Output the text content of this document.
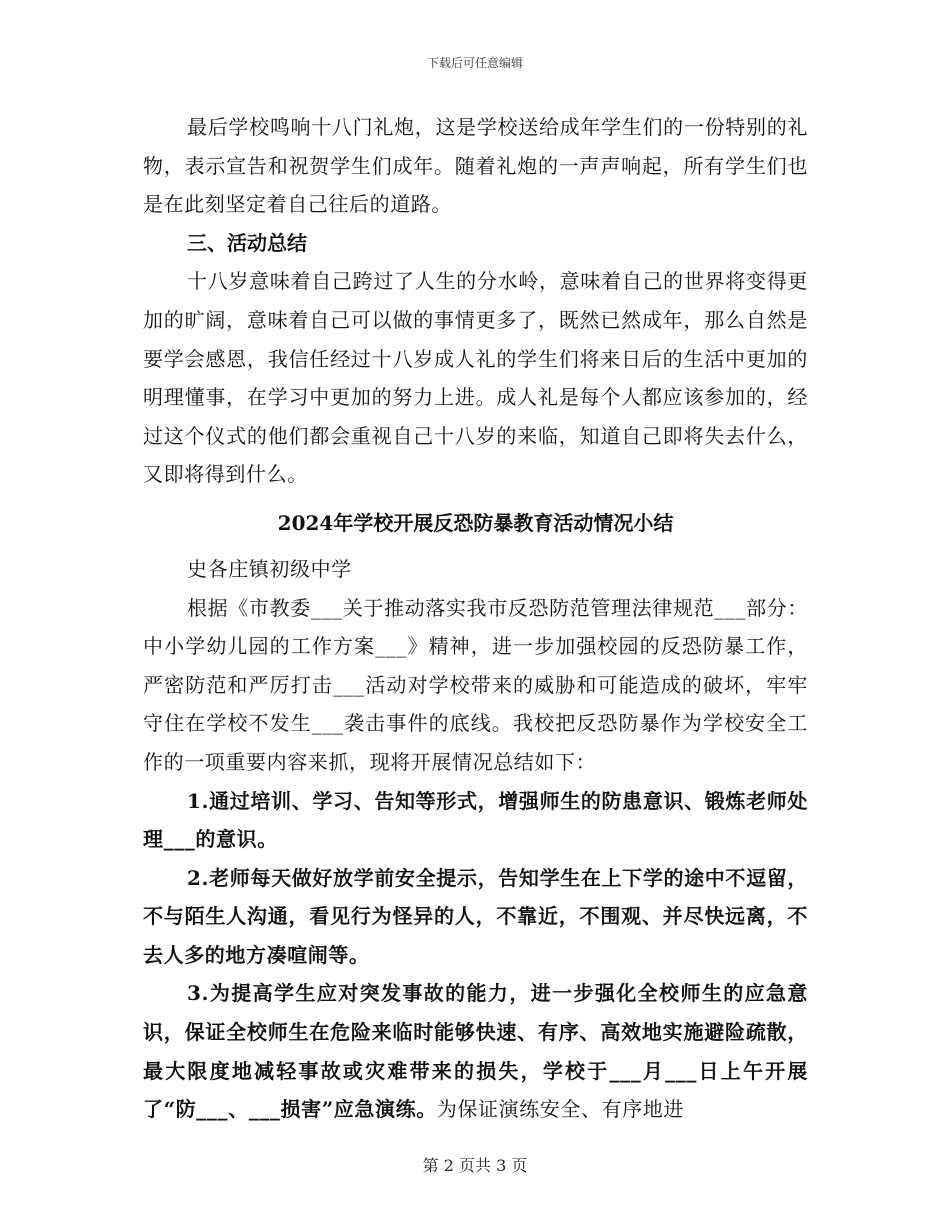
下载后可任意编辑

最后学校鸣响十八门礼炮，这是学校送给成年学生们的一份特别的礼物，表示宣告和祝贺学生们成年。随着礼炮的一声声响起，所有学生们也是在此刻坚定着自己往后的道路。

三、活动总结

十八岁意味着自己跨过了人生的分水岭，意味着自己的世界将变得更加的旷阔，意味着自己可以做的事情更多了，既然已然成年，那么自然是要学会感恩，我信任经过十八岁成人礼的学生们将来日后的生活中更加的明理懂事，在学习中更加的努力上进。成人礼是每个人都应该参加的，经过这个仪式的他们都会重视自己十八岁的来临，知道自己即将失去什么，又即将得到什么。

2024年学校开展反恐防暴教育活动情况小结

史各庄镇初级中学

根据《市教委___关于推动落实我市反恐防范管理法律规范___部分：中小学幼儿园的工作方案___》精神，进一步加强校园的反恐防暴工作，严密防范和严厉打击___活动对学校带来的威胁和可能造成的破坏，牢牢守住在学校不发生___袭击事件的底线。我校把反恐防暴作为学校安全工作的一项重要内容来抓，现将开展情况总结如下：

1.通过培训、学习、告知等形式，增强师生的防患意识、锻炼老师处理___的意识。

2.老师每天做好放学前安全提示，告知学生在上下学的途中不逗留，不与陌生人沟通，看见行为怪异的人，不靠近，不围观、并尽快远离，不去人多的地方凑喧闹等。

3.为提高学生应对突发事故的能力，进一步强化全校师生的应急意识，保证全校师生在危险来临时能够快速、有序、高效地实施避险疏散，最大限度地减轻事故或灾难带来的损失，学校于___月___日上午开展了“防___、___损害”应急演练。为保证演练安全、有序地进

第 2 页共 3 页
